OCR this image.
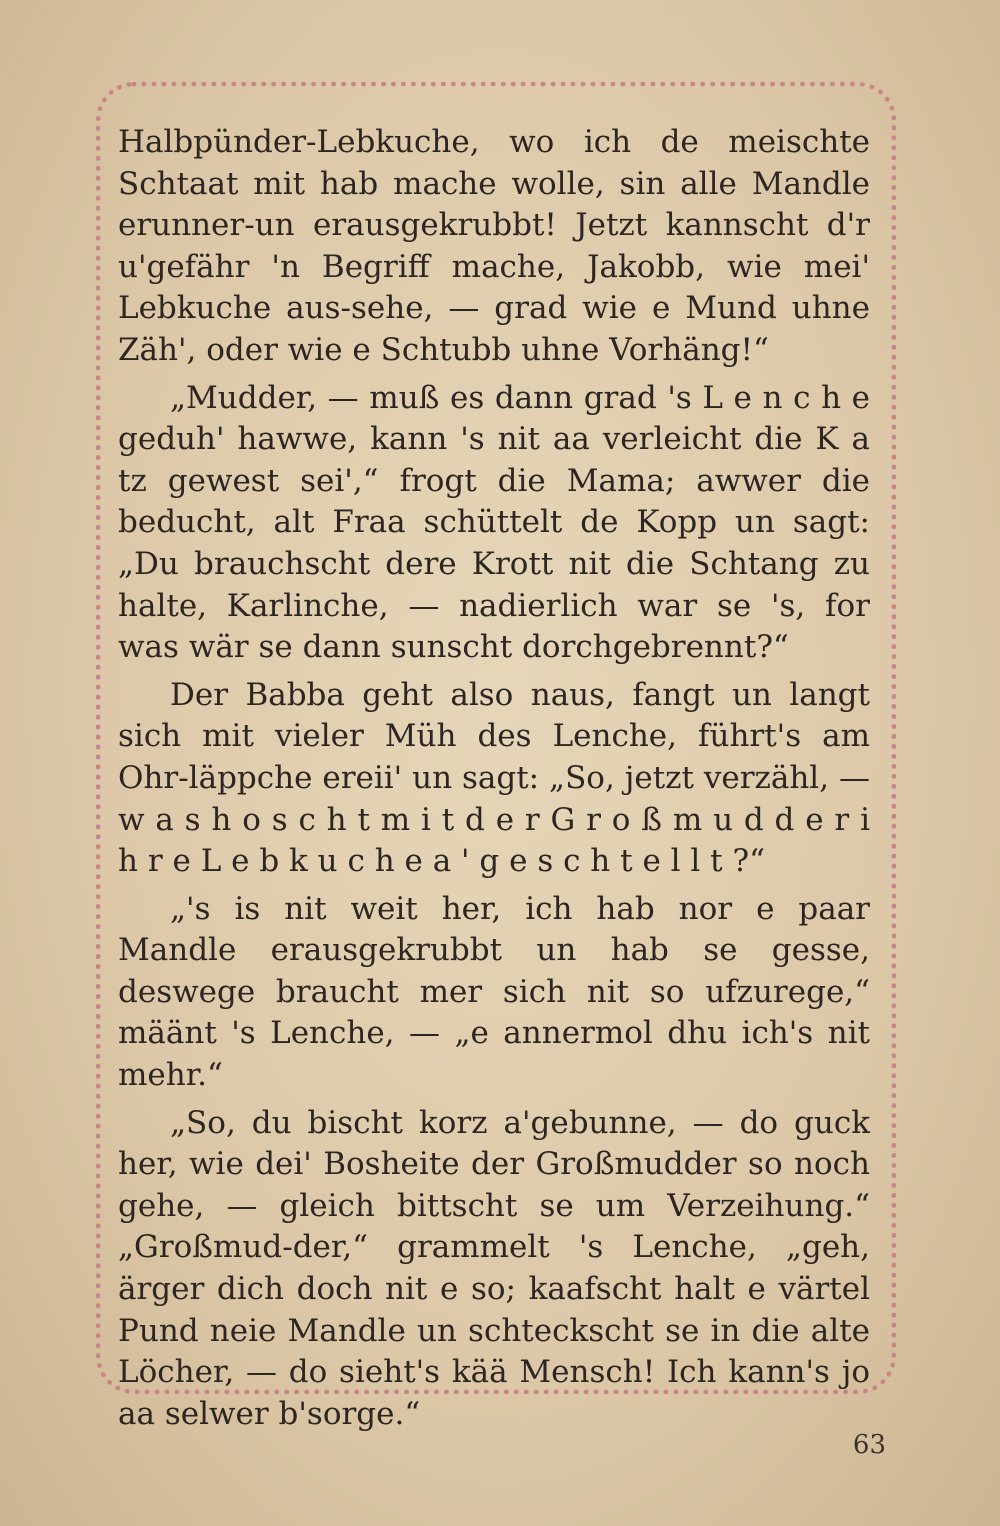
Halbpünder-Lebkuche, wo ich de meischte Schtaat mit hab mache wolle, sin alle Mandle erunner-un erausgekrubbt! Jetzt kannscht d'r u'gefähr 'n Begriff mache, Jakobb, wie mei' Lebkuche aus-sehe, — grad wie e Mund uhne Zäh', oder wie e Schtubb uhne Vorhäng!“

„Mudder, — muß es dann grad 's L e n c h e geduh' hawwe, kann 's nit aa verleicht die K a tz gewest sei',“ frogt die Mama; awwer die beducht, alt Fraa schüttelt de Kopp un sagt: „Du brauchscht dere Krott nit die Schtang zu halte, Karlinche, — nadierlich war se 's, for was wär se dann sunscht dorchgebrennt?“

Der Babba geht also naus, fangt un langt sich mit vieler Müh des Lenche, führt's am Ohr-läppche ereii' un sagt: „So, jetzt verzähl, — w a s h o s c h t m i t d e r G r o ß m u d d e r i h r e L e b k u c h e a ' g e s c h t e l l t ?“

„'s is nit weit her, ich hab nor e paar Mandle erausgekrubbt un hab se gesse, deswege braucht mer sich nit so ufzurege,“ määnt 's Lenche, — „e annermol dhu ich's nit mehr.“

„So, du bischt korz a'gebunne, — do guck her, wie dei' Bosheite der Großmudder so noch gehe, — gleich bittscht se um Verzeihung.“ „Großmud-der,“ grammelt 's Lenche, „geh, ärger dich doch nit e so; kaafscht halt e värtel Pund neie Mandle un schteckscht se in die alte Löcher, — do sieht's kää Mensch! Ich kann's jo aa selwer b'sorge.“

63
